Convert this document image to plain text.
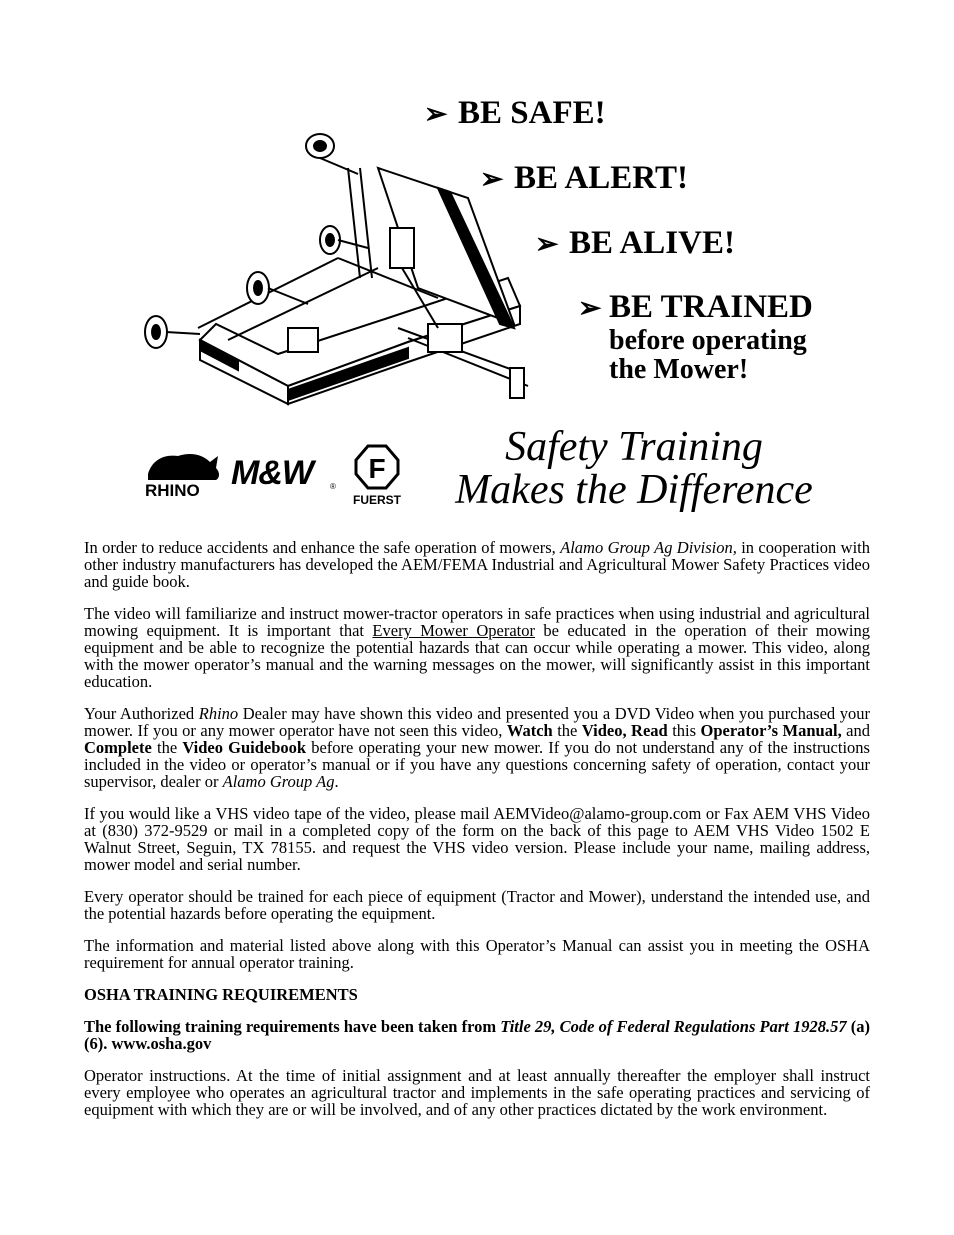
➢ BE SAFE!
➢ BE ALERT!
➢ BE ALIVE!
➢ BE TRAINED
before operating
the Mower!
RHINO M&W ®
F
FUERST
Safety Training
Makes the Difference

In order to reduce accidents and enhance the safe operation of mowers, Alamo Group Ag Division, in cooperation with other industry manufacturers has developed the AEM/FEMA Industrial and Agricultural Mower Safety Practices video and guide book.

The video will familiarize and instruct mower-tractor operators in safe practices when using industrial and agricultural mowing equipment. It is important that Every Mower Operator be educated in the operation of their mowing equipment and be able to recognize the potential hazards that can occur while operating a mower. This video, along with the mower operator’s manual and the warning messages on the mower, will significantly assist in this important education.

Your Authorized Rhino Dealer may have shown this video and presented you a DVD Video when you purchased your mower. If you or any mower operator have not seen this video, Watch the Video, Read this Operator’s Manual, and Complete the Video Guidebook before operating your new mower. If you do not understand any of the instructions included in the video or operator’s manual or if you have any questions concerning safety of operation, contact your supervisor, dealer or Alamo Group Ag.

If you would like a VHS video tape of the video, please mail AEMVideo@alamo-group.com or Fax AEM VHS Video at (830) 372-9529 or mail in a completed copy of the form on the back of this page to AEM VHS Video 1502 E Walnut Street, Seguin, TX 78155. and request the VHS video version. Please include your name, mailing address, mower model and serial number.

Every operator should be trained for each piece of equipment (Tractor and Mower), understand the intended use, and the potential hazards before operating the equipment.

The information and material listed above along with this Operator’s Manual can assist you in meeting the OSHA requirement for annual operator training.

OSHA TRAINING REQUIREMENTS

The following training requirements have been taken from Title 29, Code of Federal Regulations Part 1928.57 (a) (6). www.osha.gov

Operator instructions. At the time of initial assignment and at least annually thereafter the employer shall instruct every employee who operates an agricultural tractor and implements in the safe operating practices and servicing of equipment with which they are or will be involved, and of any other practices dictated by the work environment.
